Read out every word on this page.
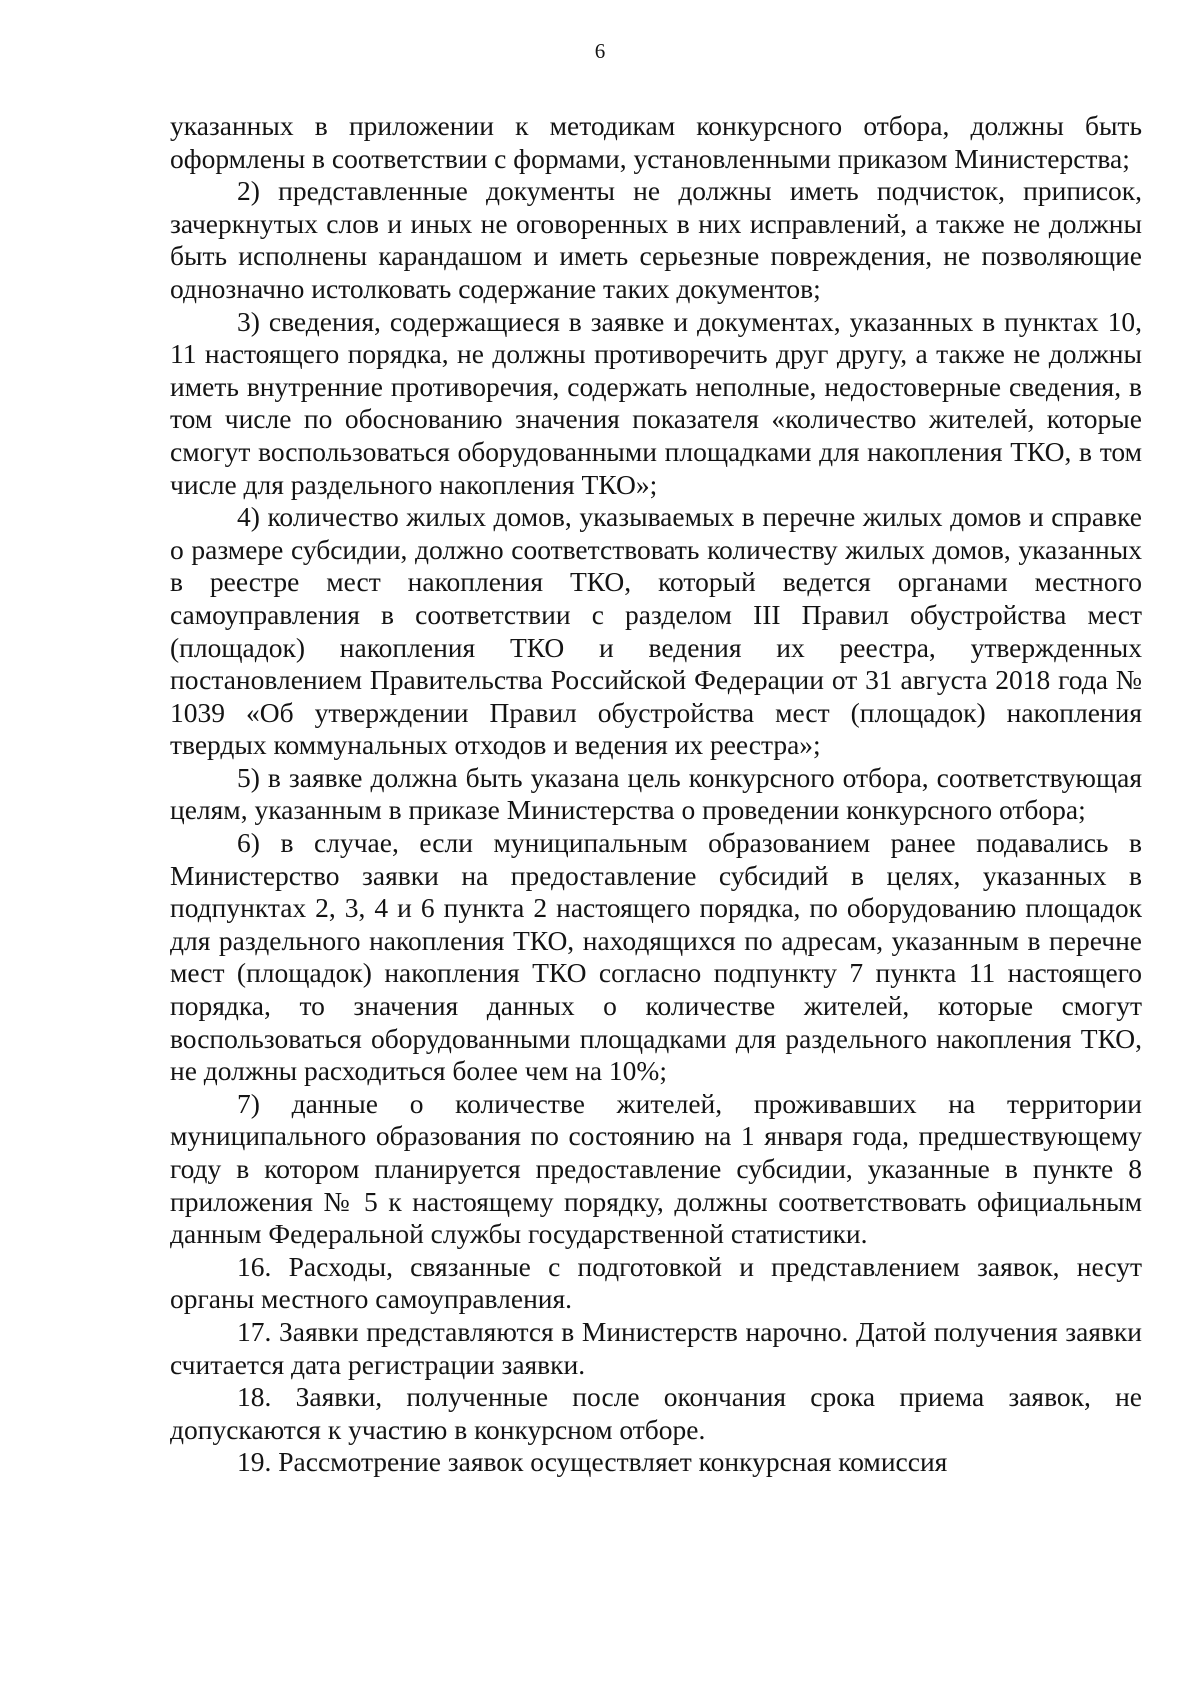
6

указанных в приложении к методикам конкурсного отбора, должны быть оформлены в соответствии с формами, установленными приказом Министерства;

2) представленные документы не должны иметь подчисток, приписок, зачеркнутых слов и иных не оговоренных в них исправлений, а также не должны быть исполнены карандашом и иметь серьезные повреждения, не позволяющие однозначно истолковать содержание таких документов;

3) сведения, содержащиеся в заявке и документах, указанных в пунктах 10, 11 настоящего порядка, не должны противоречить друг другу, а также не должны иметь внутренние противоречия, содержать неполные, недостоверные сведения, в том числе по обоснованию значения показателя «количество жителей, которые смогут воспользоваться оборудованными площадками для накопления ТКО, в том числе для раздельного накопления ТКО»;

4) количество жилых домов, указываемых в перечне жилых домов и справке о размере субсидии, должно соответствовать количеству жилых домов, указанных в реестре мест накопления ТКО, который ведется органами местного самоуправления в соответствии с разделом III Правил обустройства мест (площадок) накопления ТКО и ведения их реестра, утвержденных постановлением Правительства Российской Федерации от 31 августа 2018 года № 1039 «Об утверждении Правил обустройства мест (площадок) накопления твердых коммунальных отходов и ведения их реестра»;

5) в заявке должна быть указана цель конкурсного отбора, соответствующая целям, указанным в приказе Министерства о проведении конкурсного отбора;

6) в случае, если муниципальным образованием ранее подавались в Министерство заявки на предоставление субсидий в целях, указанных в подпунктах 2, 3, 4 и 6 пункта 2 настоящего порядка, по оборудованию площадок для раздельного накопления ТКО, находящихся по адресам, указанным в перечне мест (площадок) накопления ТКО согласно подпункту 7 пункта 11 настоящего порядка, то значения данных о количестве жителей, которые смогут воспользоваться оборудованными площадками для раздельного накопления ТКО, не должны расходиться более чем на 10%;

7) данные о количестве жителей, проживавших на территории муниципального образования по состоянию на 1 января года, предшествующему году в котором планируется предоставление субсидии, указанные в пункте 8 приложения № 5 к настоящему порядку, должны соответствовать официальным данным Федеральной службы государственной статистики.

16. Расходы, связанные с подготовкой и представлением заявок, несут органы местного самоуправления.

17. Заявки представляются в Министерств нарочно. Датой получения заявки считается дата регистрации заявки.

18. Заявки, полученные после окончания срока приема заявок, не допускаются к участию в конкурсном отборе.

19. Рассмотрение заявок осуществляет конкурсная комиссия
